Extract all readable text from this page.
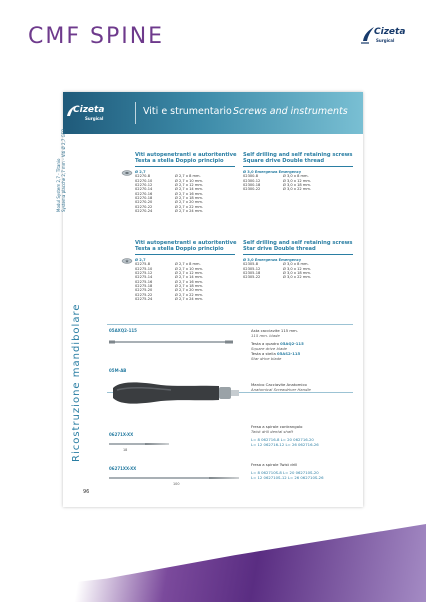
CMF SPINE	Cizeta
Surgical
Cizeta
Surgical
Viti e strumentario Screws and instruments
Modul System 2,7 - Titanio Systema placche 2,7 mm - Viti Ø 2,7 GEB
Ricostruzione mandibolare
96
Viti autopenetranti e autoritentive
Testa a stella Doppio principio
Self drilling and self retaining screws
Square drive Double thread
Ø 2,7
02270-8	Ø 2,7 x 8 mm.
02270-10	Ø 2,7 x 10 mm.
02270-12	Ø 2,7 x 12 mm.
02270-14	Ø 2,7 x 14 mm.
02270-16	Ø 2,7 x 16 mm.
02270-18	Ø 2,7 x 18 mm.
02270-20	Ø 2,7 x 20 mm.
02270-22	Ø 2,7 x 22 mm.
02270-24	Ø 2,7 x 24 mm.
Ø 3,0 Emergenza Emergency
02300-8	Ø 3,0 x 8 mm.
02300-12	Ø 3,0 x 12 mm.
02300-18	Ø 3,0 x 18 mm.
02300-22	Ø 3,0 x 22 mm.
Viti autopenetranti e autoritentive
Testa a stella Doppio principio
Self drilling and self retaining screws
Star drive Double thread
Ø 2,7
02275-8	Ø 2,7 x 8 mm.
02275-10	Ø 2,7 x 10 mm.
02275-12	Ø 2,7 x 12 mm.
02275-14	Ø 2,7 x 14 mm.
02275-16	Ø 2,7 x 16 mm.
02275-18	Ø 2,7 x 18 mm.
02275-20	Ø 2,7 x 20 mm.
02275-22	Ø 2,7 x 22 mm.
02275-24	Ø 2,7 x 24 mm.
Ø 3,0 Emergenza Emergency
02305-8	Ø 3,0 x 8 mm.
02305-12	Ø 3,0 x 12 mm.
02305-18	Ø 3,0 x 18 mm.
02305-22	Ø 3,0 x 22 mm.
05AXQ2-115	Asta cacciavite 115 mm.
115 mm. blade
Testa a quadro 05AQ2-115
Square drive blade
Testa a stella 05AS2-115
Star drive blade
05M-AB
Manico Cacciavite Anatomico
Anatomical Screwdriver Handle
06271X-XX
18
Fresa a spirale contrangolo
Twist drill dental shaft
L= 8 062716-8 L= 20 062716-20
L= 12 062716-12 L= 26 062716-26
06271XX-XX
100
Fresa a spirale Twist drill
L= 8 062710S-8 L= 20 062710S-20
L= 12 062710S-12 L= 26 062710S-26
